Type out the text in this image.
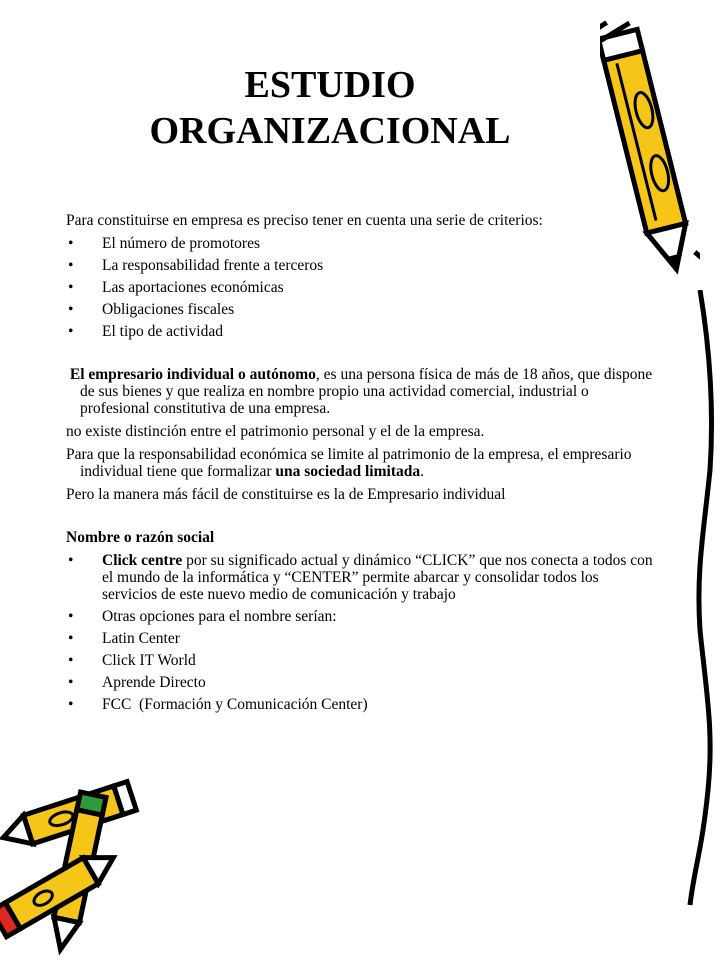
ESTUDIO
ORGANIZACIONAL

Para constituirse en empresa es preciso tener en cuenta una serie de criterios:

• El número de promotores
• La responsabilidad frente a terceros
• Las aportaciones económicas
• Obligaciones fiscales
• El tipo de actividad

El empresario individual o autónomo, es una persona física de más de 18 años, que dispone de sus bienes y que realiza en nombre propio una actividad comercial, industrial o profesional constitutiva de una empresa.

no existe distinción entre el patrimonio personal y el de la empresa.

Para que la responsabilidad económica se limite al patrimonio de la empresa, el empresario individual tiene que formalizar una sociedad limitada.

Pero la manera más fácil de constituirse es la de Empresario individual

Nombre o razón social

• Click centre por su significado actual y dinámico “CLICK” que nos conecta a todos con el mundo de la informática y “CENTER” permite abarcar y consolidar todos los servicios de este nuevo medio de comunicación y trabajo
• Otras opciones para el nombre serían:
• Latin Center
• Click IT World
• Aprende Directo
• FCC  (Formación y Comunicación Center)
